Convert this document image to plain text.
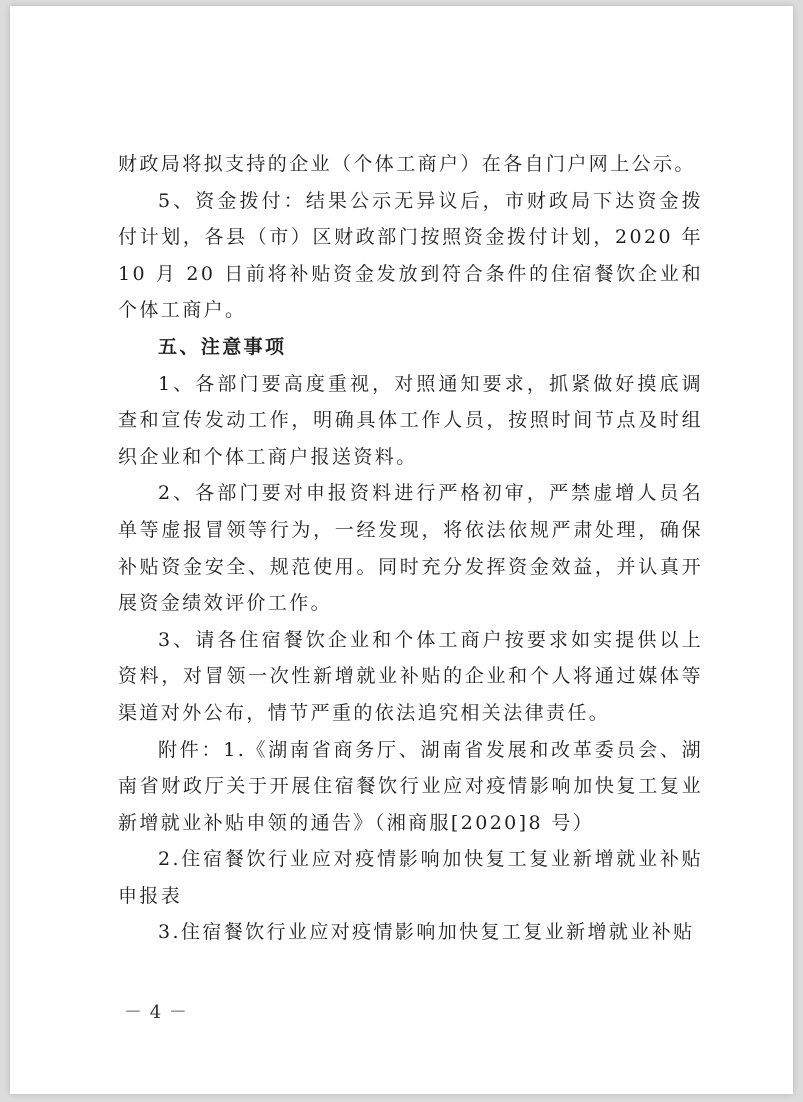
财政局将拟支持的企业（个体工商户）在各自门户网上公示。

5、资金拨付：结果公示无异议后，市财政局下达资金拨付计划，各县（市）区财政部门按照资金拨付计划，2020 年 10 月 20 日前将补贴资金发放到符合条件的住宿餐饮企业和个体工商户。

五、注意事项

1、各部门要高度重视，对照通知要求，抓紧做好摸底调查和宣传发动工作，明确具体工作人员，按照时间节点及时组织企业和个体工商户报送资料。

2、各部门要对申报资料进行严格初审，严禁虚增人员名单等虚报冒领等行为，一经发现，将依法依规严肃处理，确保补贴资金安全、规范使用。同时充分发挥资金效益，并认真开展资金绩效评价工作。

3、请各住宿餐饮企业和个体工商户按要求如实提供以上资料，对冒领一次性新增就业补贴的企业和个人将通过媒体等渠道对外公布，情节严重的依法追究相关法律责任。

附件：1.《湖南省商务厅、湖南省发展和改革委员会、湖南省财政厅关于开展住宿餐饮行业应对疫情影响加快复工复业新增就业补贴申领的通告》（湘商服[2020]8 号）

2.住宿餐饮行业应对疫情影响加快复工复业新增就业补贴申报表

3.住宿餐饮行业应对疫情影响加快复工复业新增就业补贴

－ 4 －
